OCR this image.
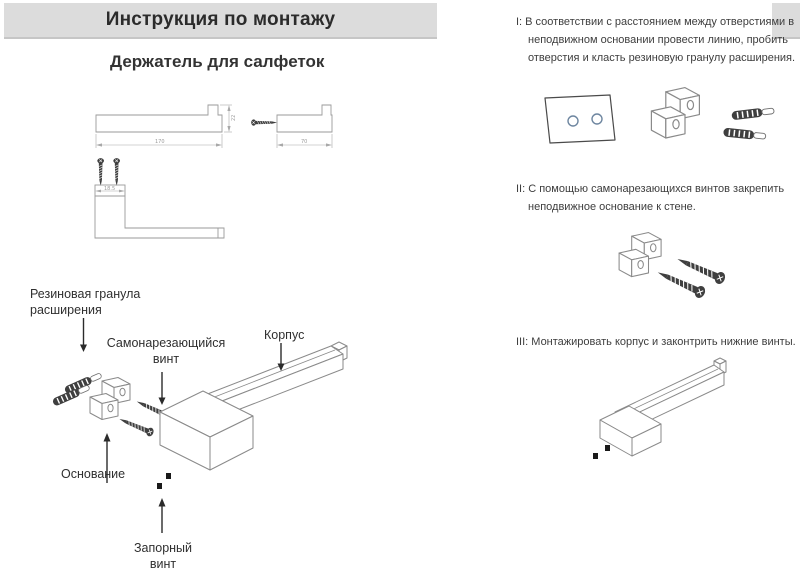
Инструкция по монтажу
Держатель для салфеток
170
22
70
18.5
I: В соответствии с расстоянием между отверстиями в неподвижном основании провести линию, пробить отверстия и класть резиновую гранулу расширения.
II: С помощью самонарезающихся винтов закрепить неподвижное основание к стене.
III: Монтажировать корпус и законтрить нижние винты.
Резиновая гранула
расширения
Самонарезающийся
винт
Корпус
Основание
Запорный
винт
